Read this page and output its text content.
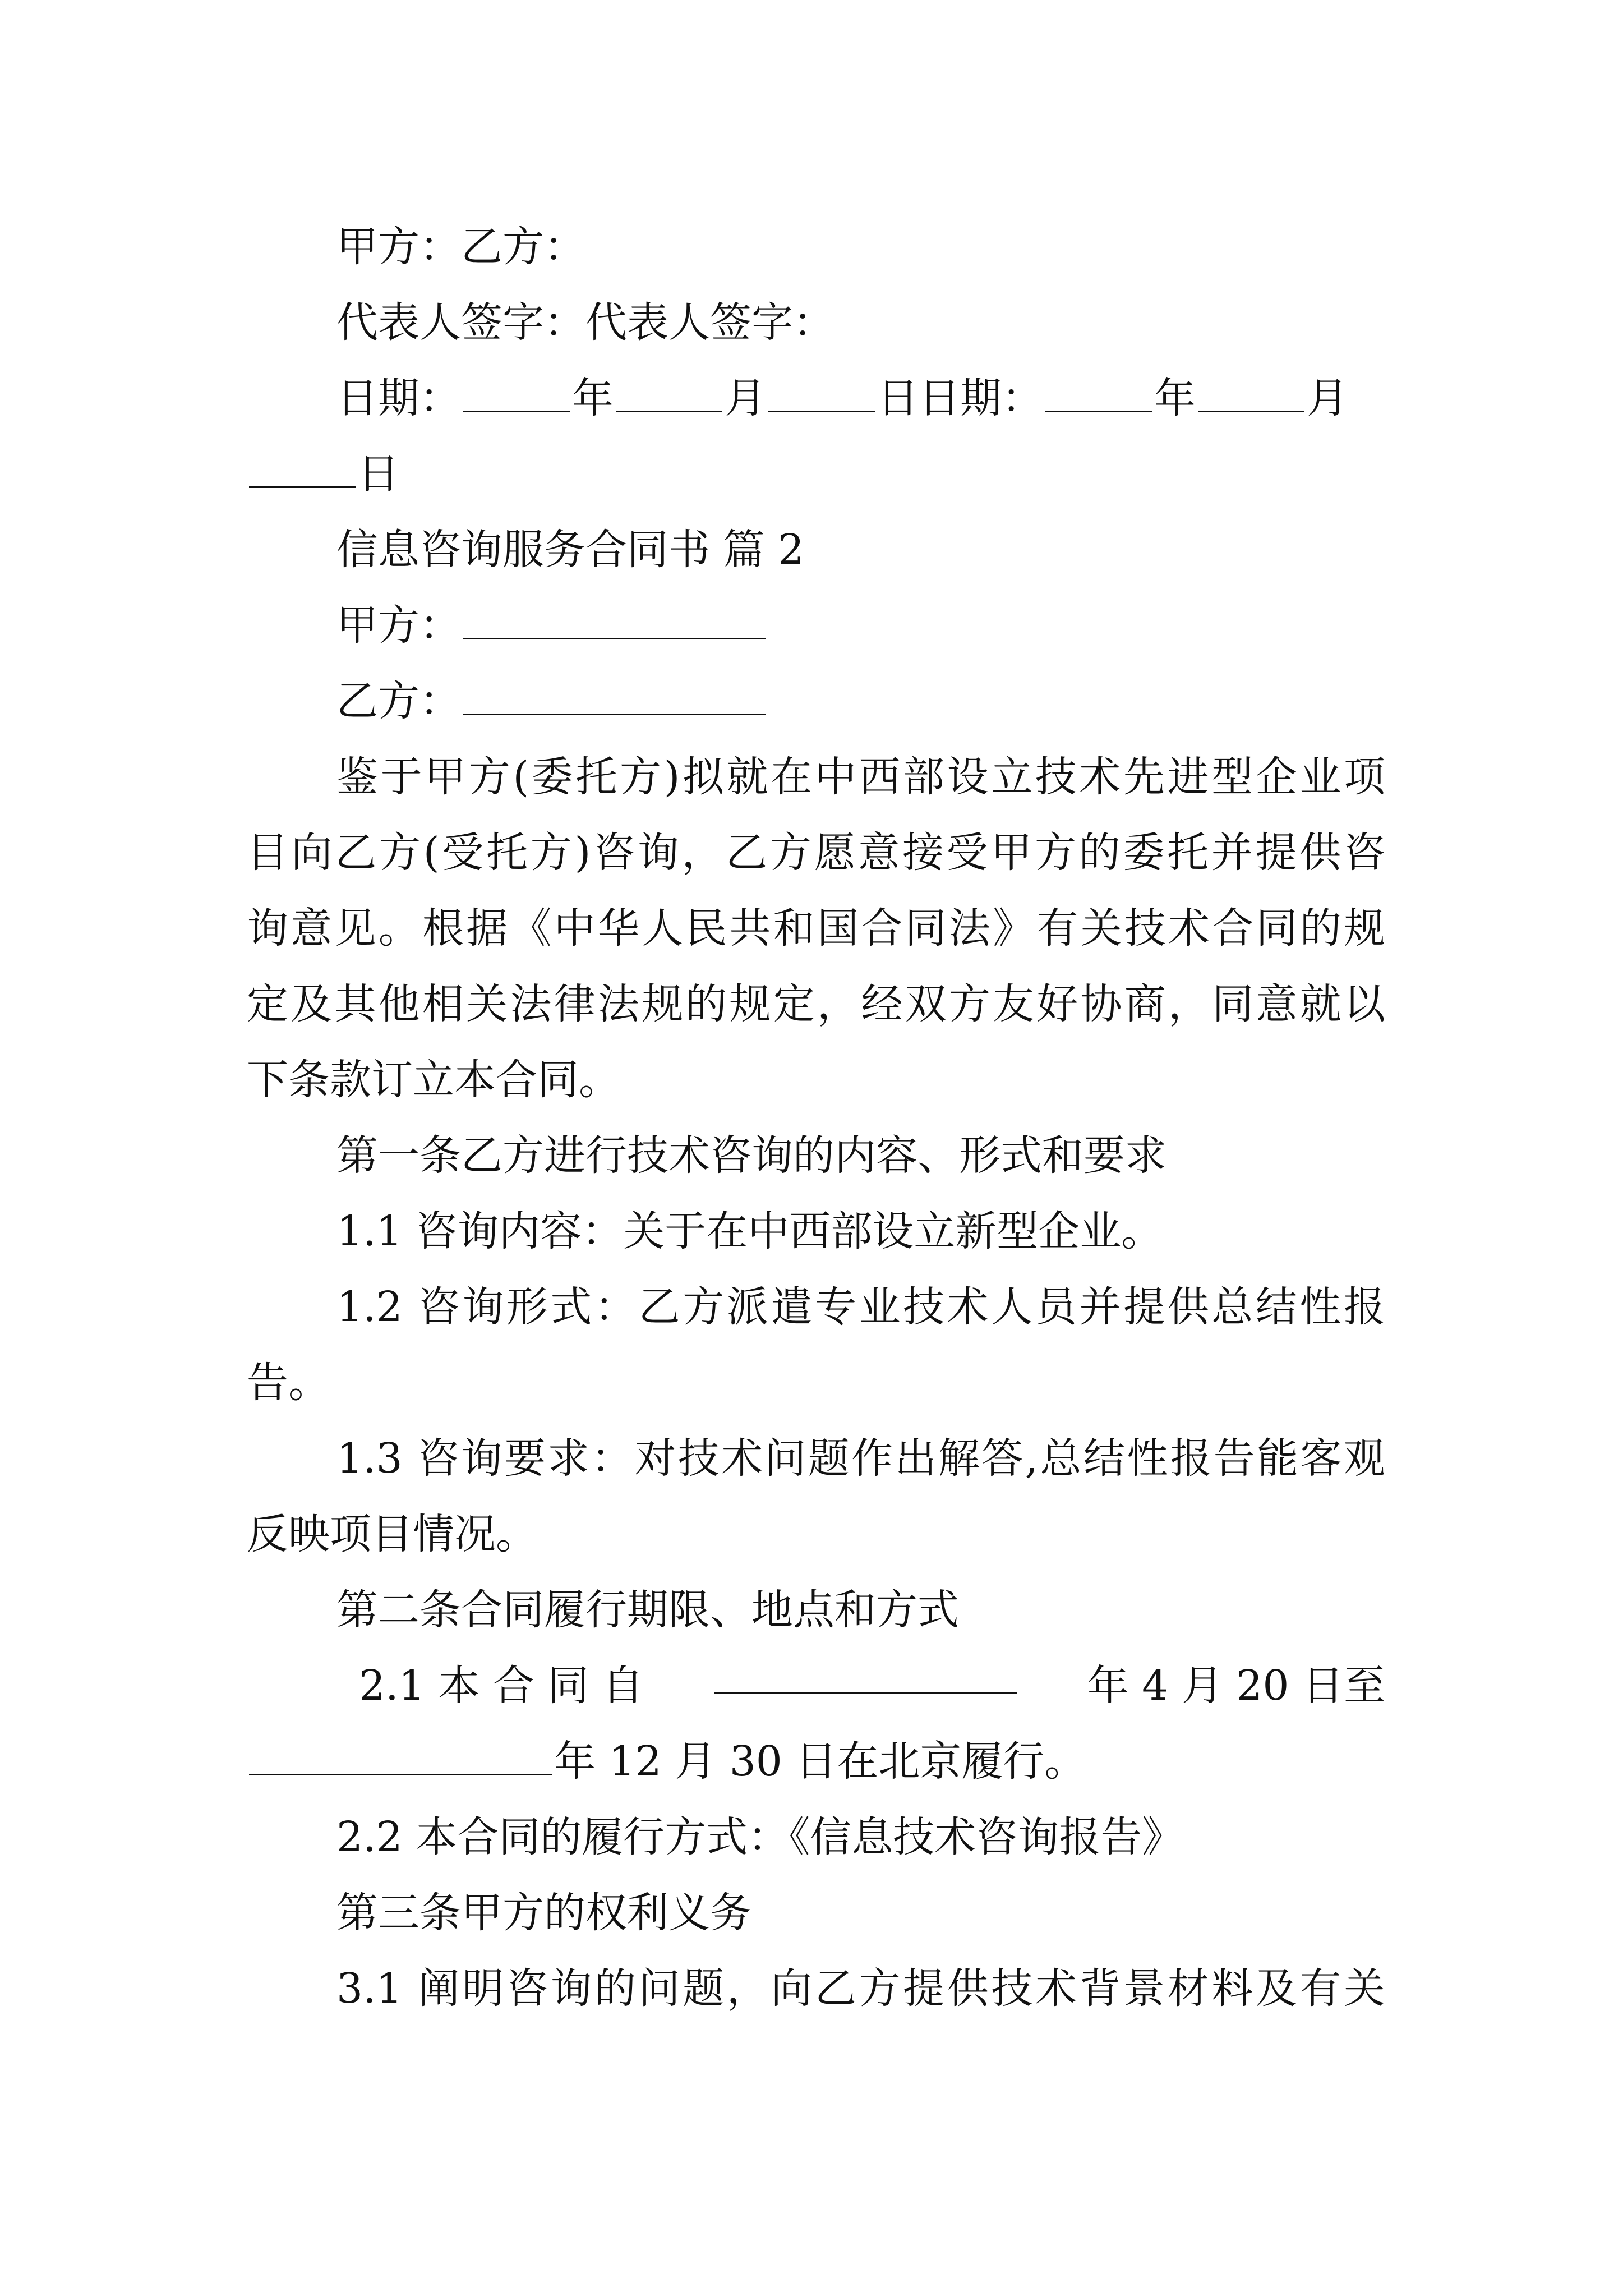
甲方：乙方：
代表人签字：代表人签字：
日期：	年	月	日日期：	年	月
日
信息咨询服务合同书 篇 2
甲方：
乙方：
鉴于甲方(委托方)拟就在中西部设立技术先进型企业项
目向乙方(受托方)咨询，乙方愿意接受甲方的委托并提供咨
询意见。根据《中华人民共和国合同法》有关技术合同的规
定及其他相关法律法规的规定，经双方友好协商，同意就以
下条款订立本合同。
第一条乙方进行技术咨询的内容、形式和要求
1.1 咨询内容：关于在中西部设立新型企业。
1.2 咨询形式：乙方派遣专业技术人员并提供总结性报
告。
1.3 咨询要求：对技术问题作出解答,总结性报告能客观
反映项目情况。
第二条合同履行期限、地点和方式
2.1 本 合 同 自	年 4 月 20 日至
年 12 月 30 日在北京履行。
2.2 本合同的履行方式：《信息技术咨询报告》
第三条甲方的权利义务
3.1 阐明咨询的问题，向乙方提供技术背景材料及有关
